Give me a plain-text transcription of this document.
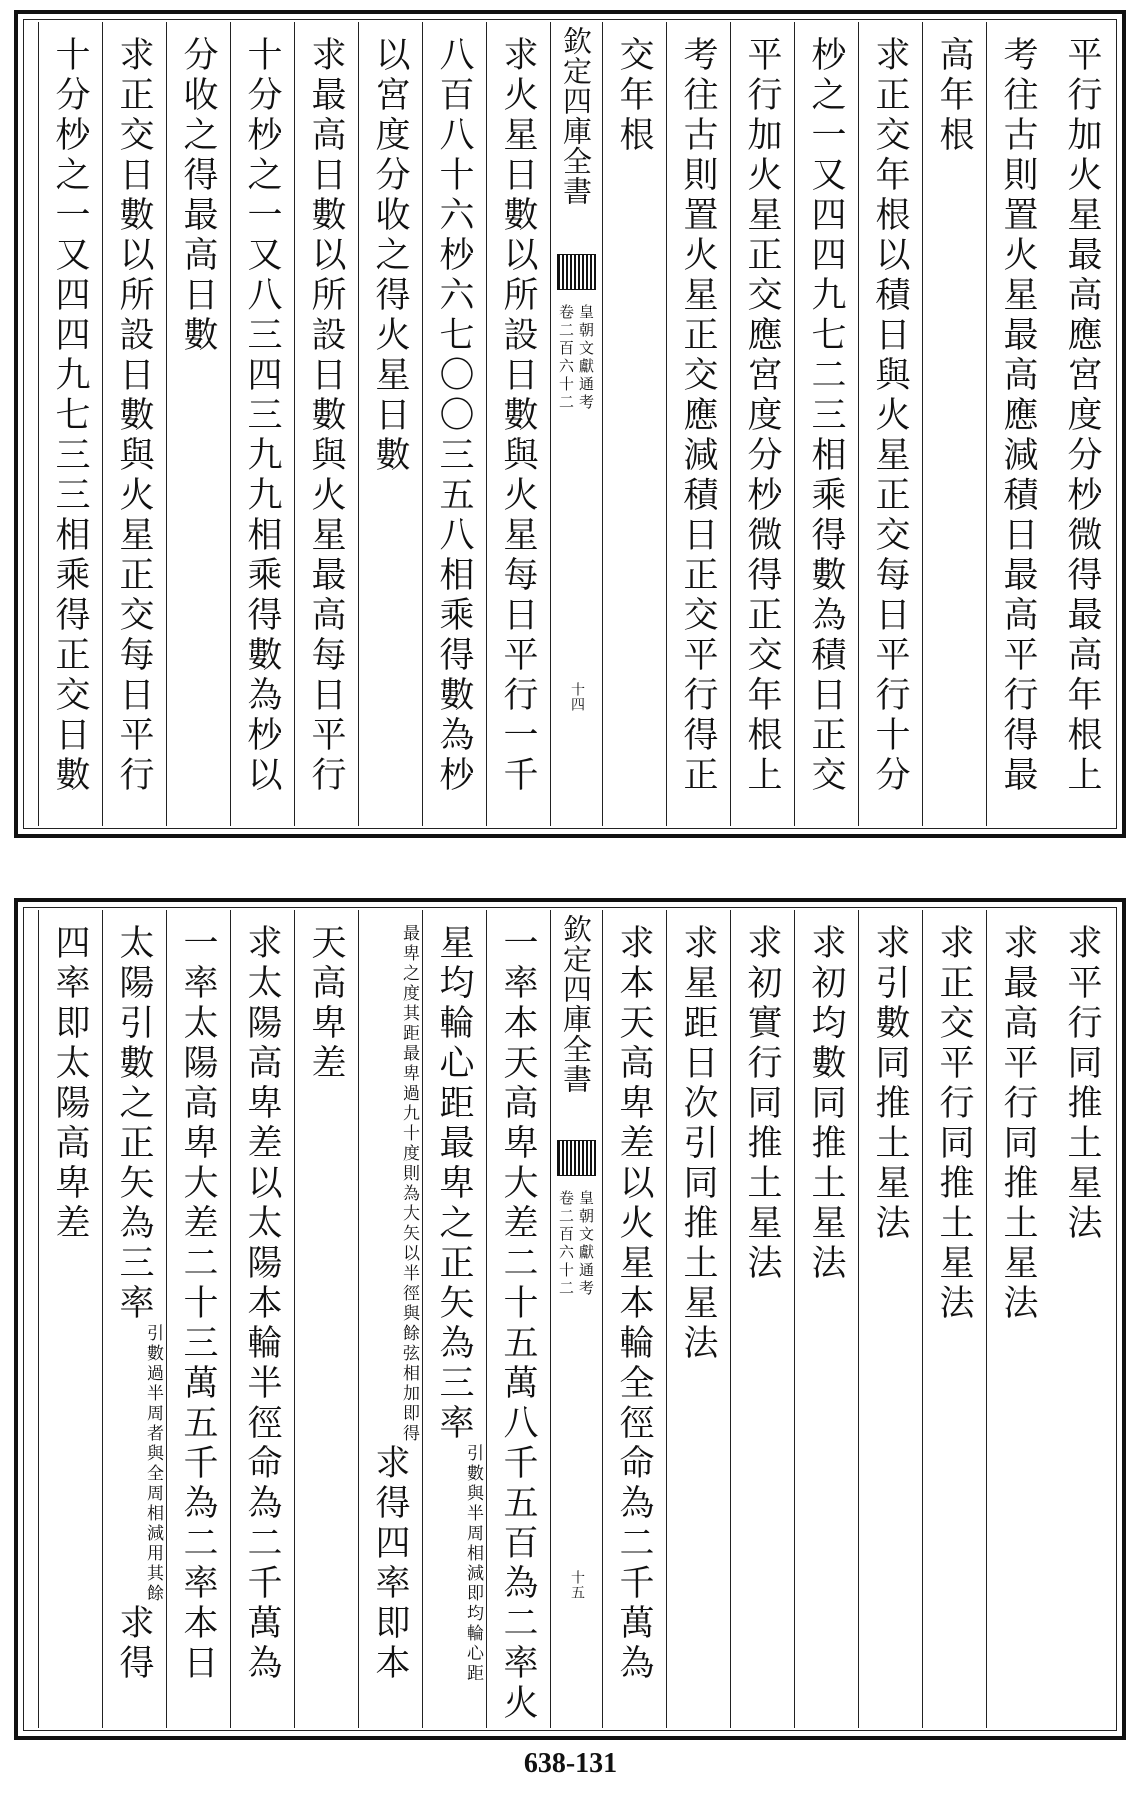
平行加火星最高應宮度分杪微得最高年根上
考往古則置火星最高應減積日最高平行得最
高年根
求正交年根以積日與火星正交每日平行十分
杪之一又四四九七二三相乘得數為積日正交
平行加火星正交應宮度分杪微得正交年根上
考往古則置火星正交應減積日正交平行得正
交年根
欽定四庫全書
皇朝文獻通考
卷二百六十二
十四
求火星日數以所設日數與火星每日平行一千
八百八十六杪六七〇〇三五八相乘得數為杪
以宮度分收之得火星日數
求最高日數以所設日數與火星最高每日平行
十分杪之一又八三四三九九相乘得數為杪以
分收之得最高日數
求正交日數以所設日數與火星正交每日平行
十分杪之一又四四九七三三相乘得正交日數
求平行同推土星法
求最高平行同推土星法
求正交平行同推土星法
求引數同推土星法
求初均數同推土星法
求初實行同推土星法
求星距日次引同推土星法
求本天高卑差以火星本輪全徑命為二千萬為
欽定四庫全書
皇朝文獻通考
卷二百六十二
十五
一率本天高卑大差二十五萬八千五百為二率火
星均輪心距最卑之正矢為三率$^{引數與半周相減即均輪心距}$
$^{最卑之度其距最卑過九十度則為大矢以半徑與餘弦相加即得}$求得四率即本
天高卑差
求太陽高卑差以太陽本輪半徑命為二千萬為
一率太陽高卑大差二十三萬五千為二率本日
太陽引數之正矢為三率$^{引數過半周者與全周相減用其餘}$求得
四率即太陽高卑差
638-131
